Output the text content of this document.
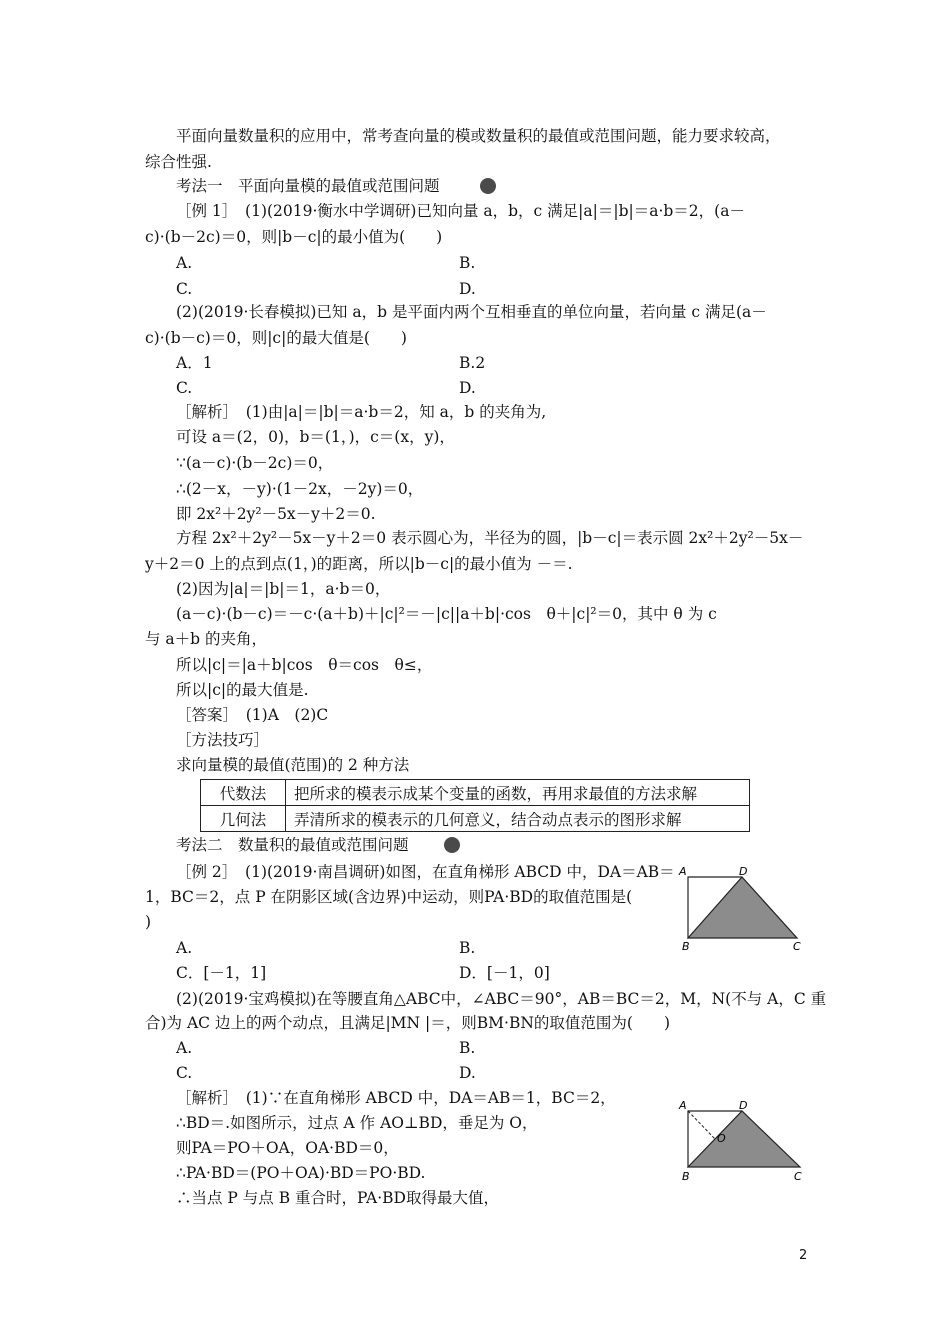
平面向量数量积的应用中，常考查向量的模或数量积的最值或范围问题，能力要求较高，
综合性强.
考法一　平面向量模的最值或范围问题
［例 1］　(1)(2019·衡水中学调研)已知向量 a，b，c 满足|a|＝|b|＝a·b＝2，(a－
c)·(b－2c)＝0，则|b－c|的最小值为(　　)
A.	B.
C.	D.
(2)(2019·长春模拟)已知 a，b 是平面内两个互相垂直的单位向量，若向量 c 满足(a－
c)·(b－c)＝0，则|c|的最大值是(　　)
A．1	B.2
C.	D.
［解析］　(1)由|a|＝|b|＝a·b＝2，知 a，b 的夹角为,
可设 a＝(2，0)，b＝(1，)，c＝(x，y)，
∵(a－c)·(b－2c)＝0，
∴(2－x，－y)·(1－2x，－2y)＝0，
即 2x²＋2y²－5x－y＋2＝0.
方程 2x²＋2y²－5x－y＋2＝0 表示圆心为，半径为的圆，|b－c|＝表示圆 2x²＋2y²－5x－
y＋2＝0 上的点到点(1，)的距离，所以|b－c|的最小值为 －＝.
(2)因为|a|＝|b|＝1，a·b＝0，
(a－c)·(b－c)＝－c·(a＋b)＋|c|²＝－|c||a＋b|·cos　θ＋|c|²＝0，其中 θ 为 c
与 a＋b 的夹角，
所以|c|＝|a＋b|cos　θ＝cos　θ≤，
所以|c|的最大值是.
［答案］　(1)A　(2)C
［方法技巧］
求向量模的最值(范围)的 2 种方法
代数法	把所求的模表示成某个变量的函数，再用求最值的方法求解
几何法	弄清所求的模表示的几何意义，结合动点表示的图形求解
考法二　数量积的最值或范围问题
［例 2］　(1)(2019·南昌调研)如图，在直角梯形 ABCD 中，DA＝AB＝
1，BC＝2，点 P 在阴影区域(含边界)中运动，则PA·BD的取值范围是(
)
A.	B.
C．[－1，1]	D．[－1，0]
A	D
B	C
(2)(2019·宝鸡模拟)在等腰直角△ABC中，∠ABC＝90°，AB＝BC＝2，M，N(不与 A，C 重
合)为 AC 边上的两个动点，且满足|MN |＝，则BM·BN的取值范围为(　　)
A.	B.
C.	D.
［解析］　(1)∵在直角梯形 ABCD 中，DA＝AB＝1，BC＝2，
∴BD＝.如图所示，过点 A 作 AO⊥BD，垂足为 O，
则PA＝PO＋OA，OA·BD＝0，
∴PA·BD＝(PO＋OA)·BD＝PO·BD.
∴当点 P 与点 B 重合时，PA·BD取得最大值，
A	D
O
B	C
2
